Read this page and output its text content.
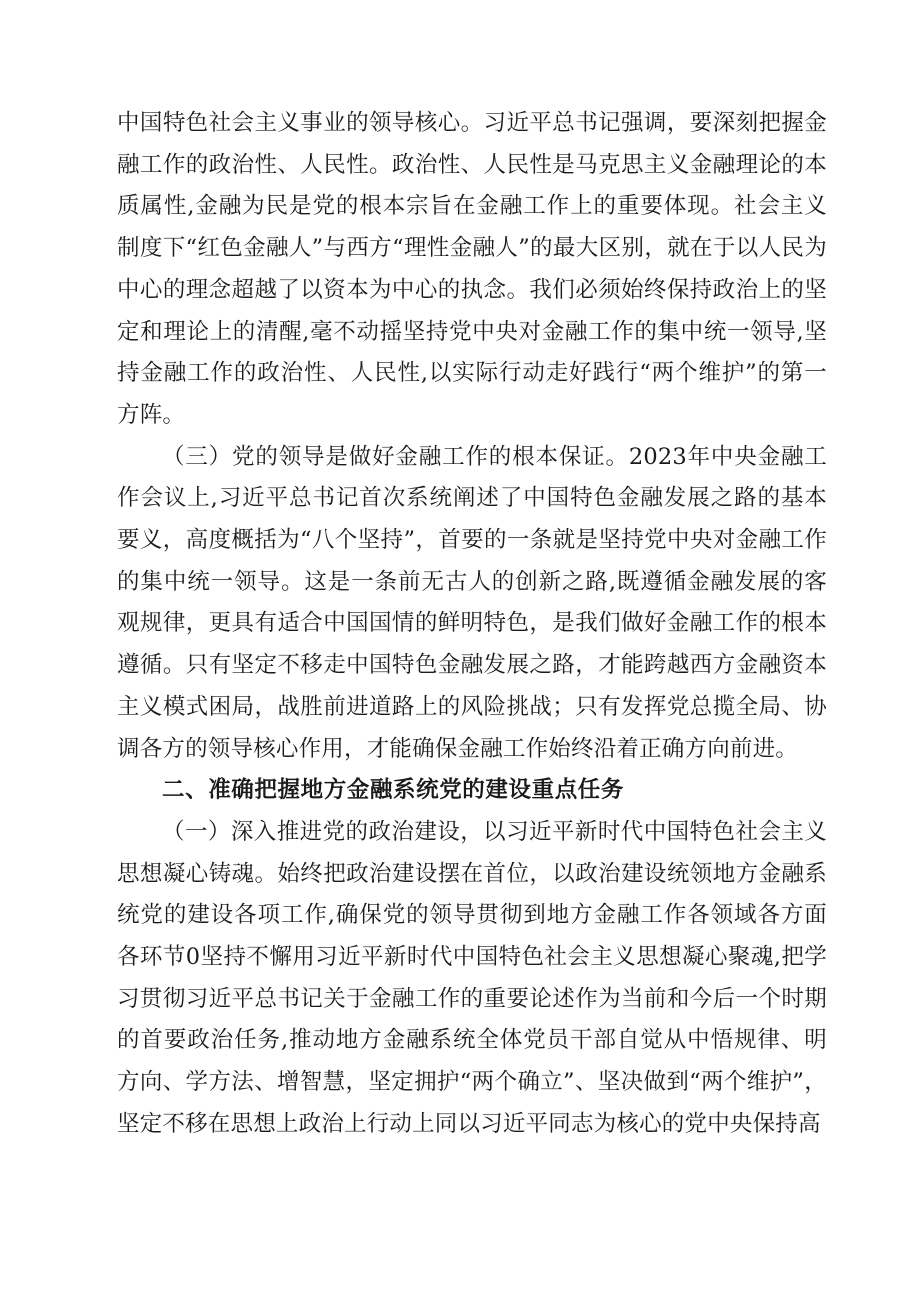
中国特色社会主义事业的领导核心。习近平总书记强调，要深刻把握金融工作的政治性、人民性。政治性、人民性是马克思主义金融理论的本质属性,金融为民是党的根本宗旨在金融工作上的重要体现。社会主义制度下“红色金融人”与西方“理性金融人”的最大区别，就在于以人民为中心的理念超越了以资本为中心的执念。我们必须始终保持政治上的坚定和理论上的清醒,毫不动摇坚持党中央对金融工作的集中统一领导,坚持金融工作的政治性、人民性,以实际行动走好践行“两个维护”的第一方阵。

（三）党的领导是做好金融工作的根本保证。2023年中央金融工作会议上,习近平总书记首次系统阐述了中国特色金融发展之路的基本要义，高度概括为“八个坚持”，首要的一条就是坚持党中央对金融工作的集中统一领导。这是一条前无古人的创新之路,既遵循金融发展的客观规律，更具有适合中国国情的鲜明特色，是我们做好金融工作的根本遵循。只有坚定不移走中国特色金融发展之路，才能跨越西方金融资本主义模式困局，战胜前进道路上的风险挑战；只有发挥党总揽全局、协调各方的领导核心作用，才能确保金融工作始终沿着正确方向前进。

二、准确把握地方金融系统党的建设重点任务

（一）深入推进党的政治建设，以习近平新时代中国特色社会主义思想凝心铸魂。始终把政治建设摆在首位，以政治建设统领地方金融系统党的建设各项工作,确保党的领导贯彻到地方金融工作各领域各方面各环节0坚持不懈用习近平新时代中国特色社会主义思想凝心聚魂,把学习贯彻习近平总书记关于金融工作的重要论述作为当前和今后一个时期的首要政治任务,推动地方金融系统全体党员干部自觉从中悟规律、明方向、学方法、增智慧，坚定拥护“两个确立”、坚决做到“两个维护”，坚定不移在思想上政治上行动上同以习近平同志为核心的党中央保持高
